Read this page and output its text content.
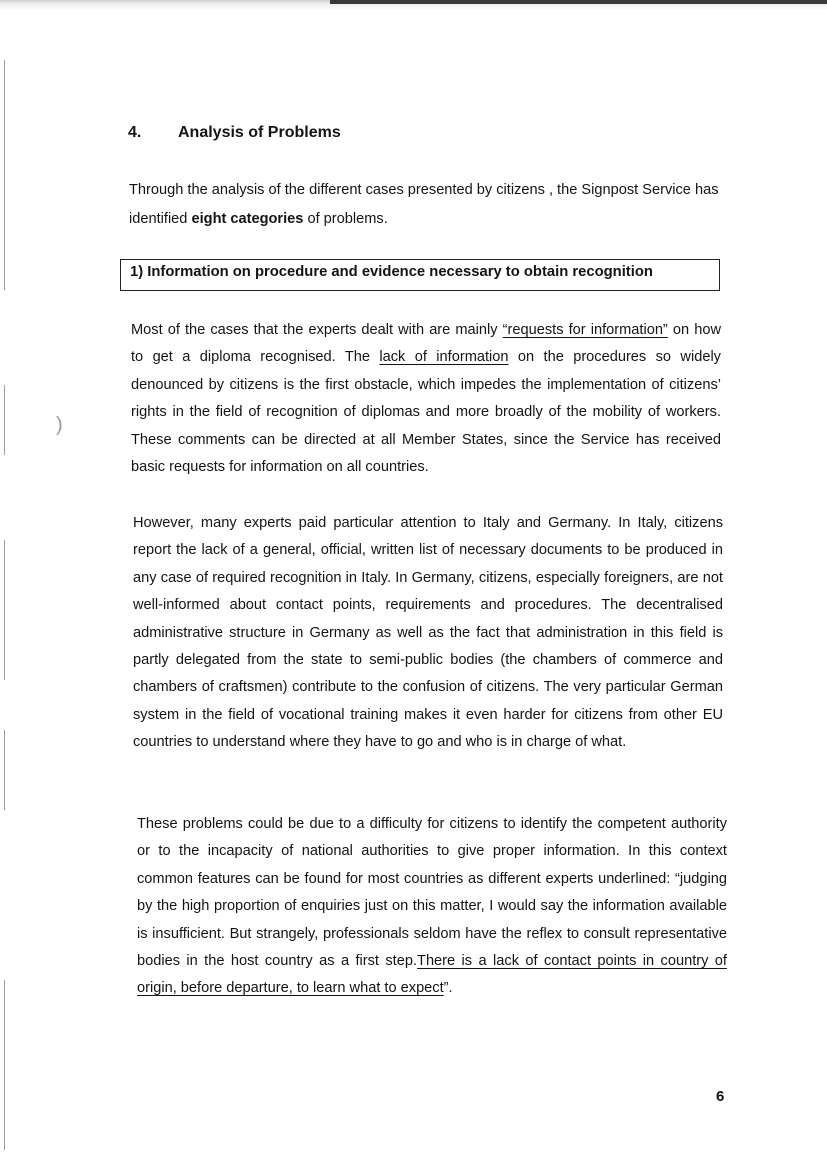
)
4. Analysis of Problems

Through the analysis of the different cases presented by citizens , the Signpost Service has identified eight categories of problems.

1) Information on procedure and evidence necessary to obtain recognition

Most of the cases that the experts dealt with are mainly “requests for information” on how to get a diploma recognised. The lack of information on the procedures so widely denounced by citizens is the first obstacle, which impedes the implementation of citizens’ rights in the field of recognition of diplomas and more broadly of the mobility of workers. These comments can be directed at all Member States, since the Service has received basic requests for information on all countries.

However, many experts paid particular attention to Italy and Germany. In Italy, citizens report the lack of a general, official, written list of necessary documents to be produced in any case of required recognition in Italy. In Germany, citizens, especially foreigners, are not well-informed about contact points, requirements and procedures. The decentralised administrative structure in Germany as well as the fact that administration in this field is partly delegated from the state to semi-public bodies (the chambers of commerce and chambers of craftsmen) contribute to the confusion of citizens. The very particular German system in the field of vocational training makes it even harder for citizens from other EU countries to understand where they have to go and who is in charge of what.

These problems could be due to a difficulty for citizens to identify the competent authority or to the incapacity of national authorities to give proper information. In this context common features can be found for most countries as different experts underlined: “judging by the high proportion of enquiries just on this matter, I would say the information available is insufficient. But strangely, professionals seldom have the reflex to consult representative bodies in the host country as a first step.There is a lack of contact points in country of origin, before departure, to learn what to expect”.

6
